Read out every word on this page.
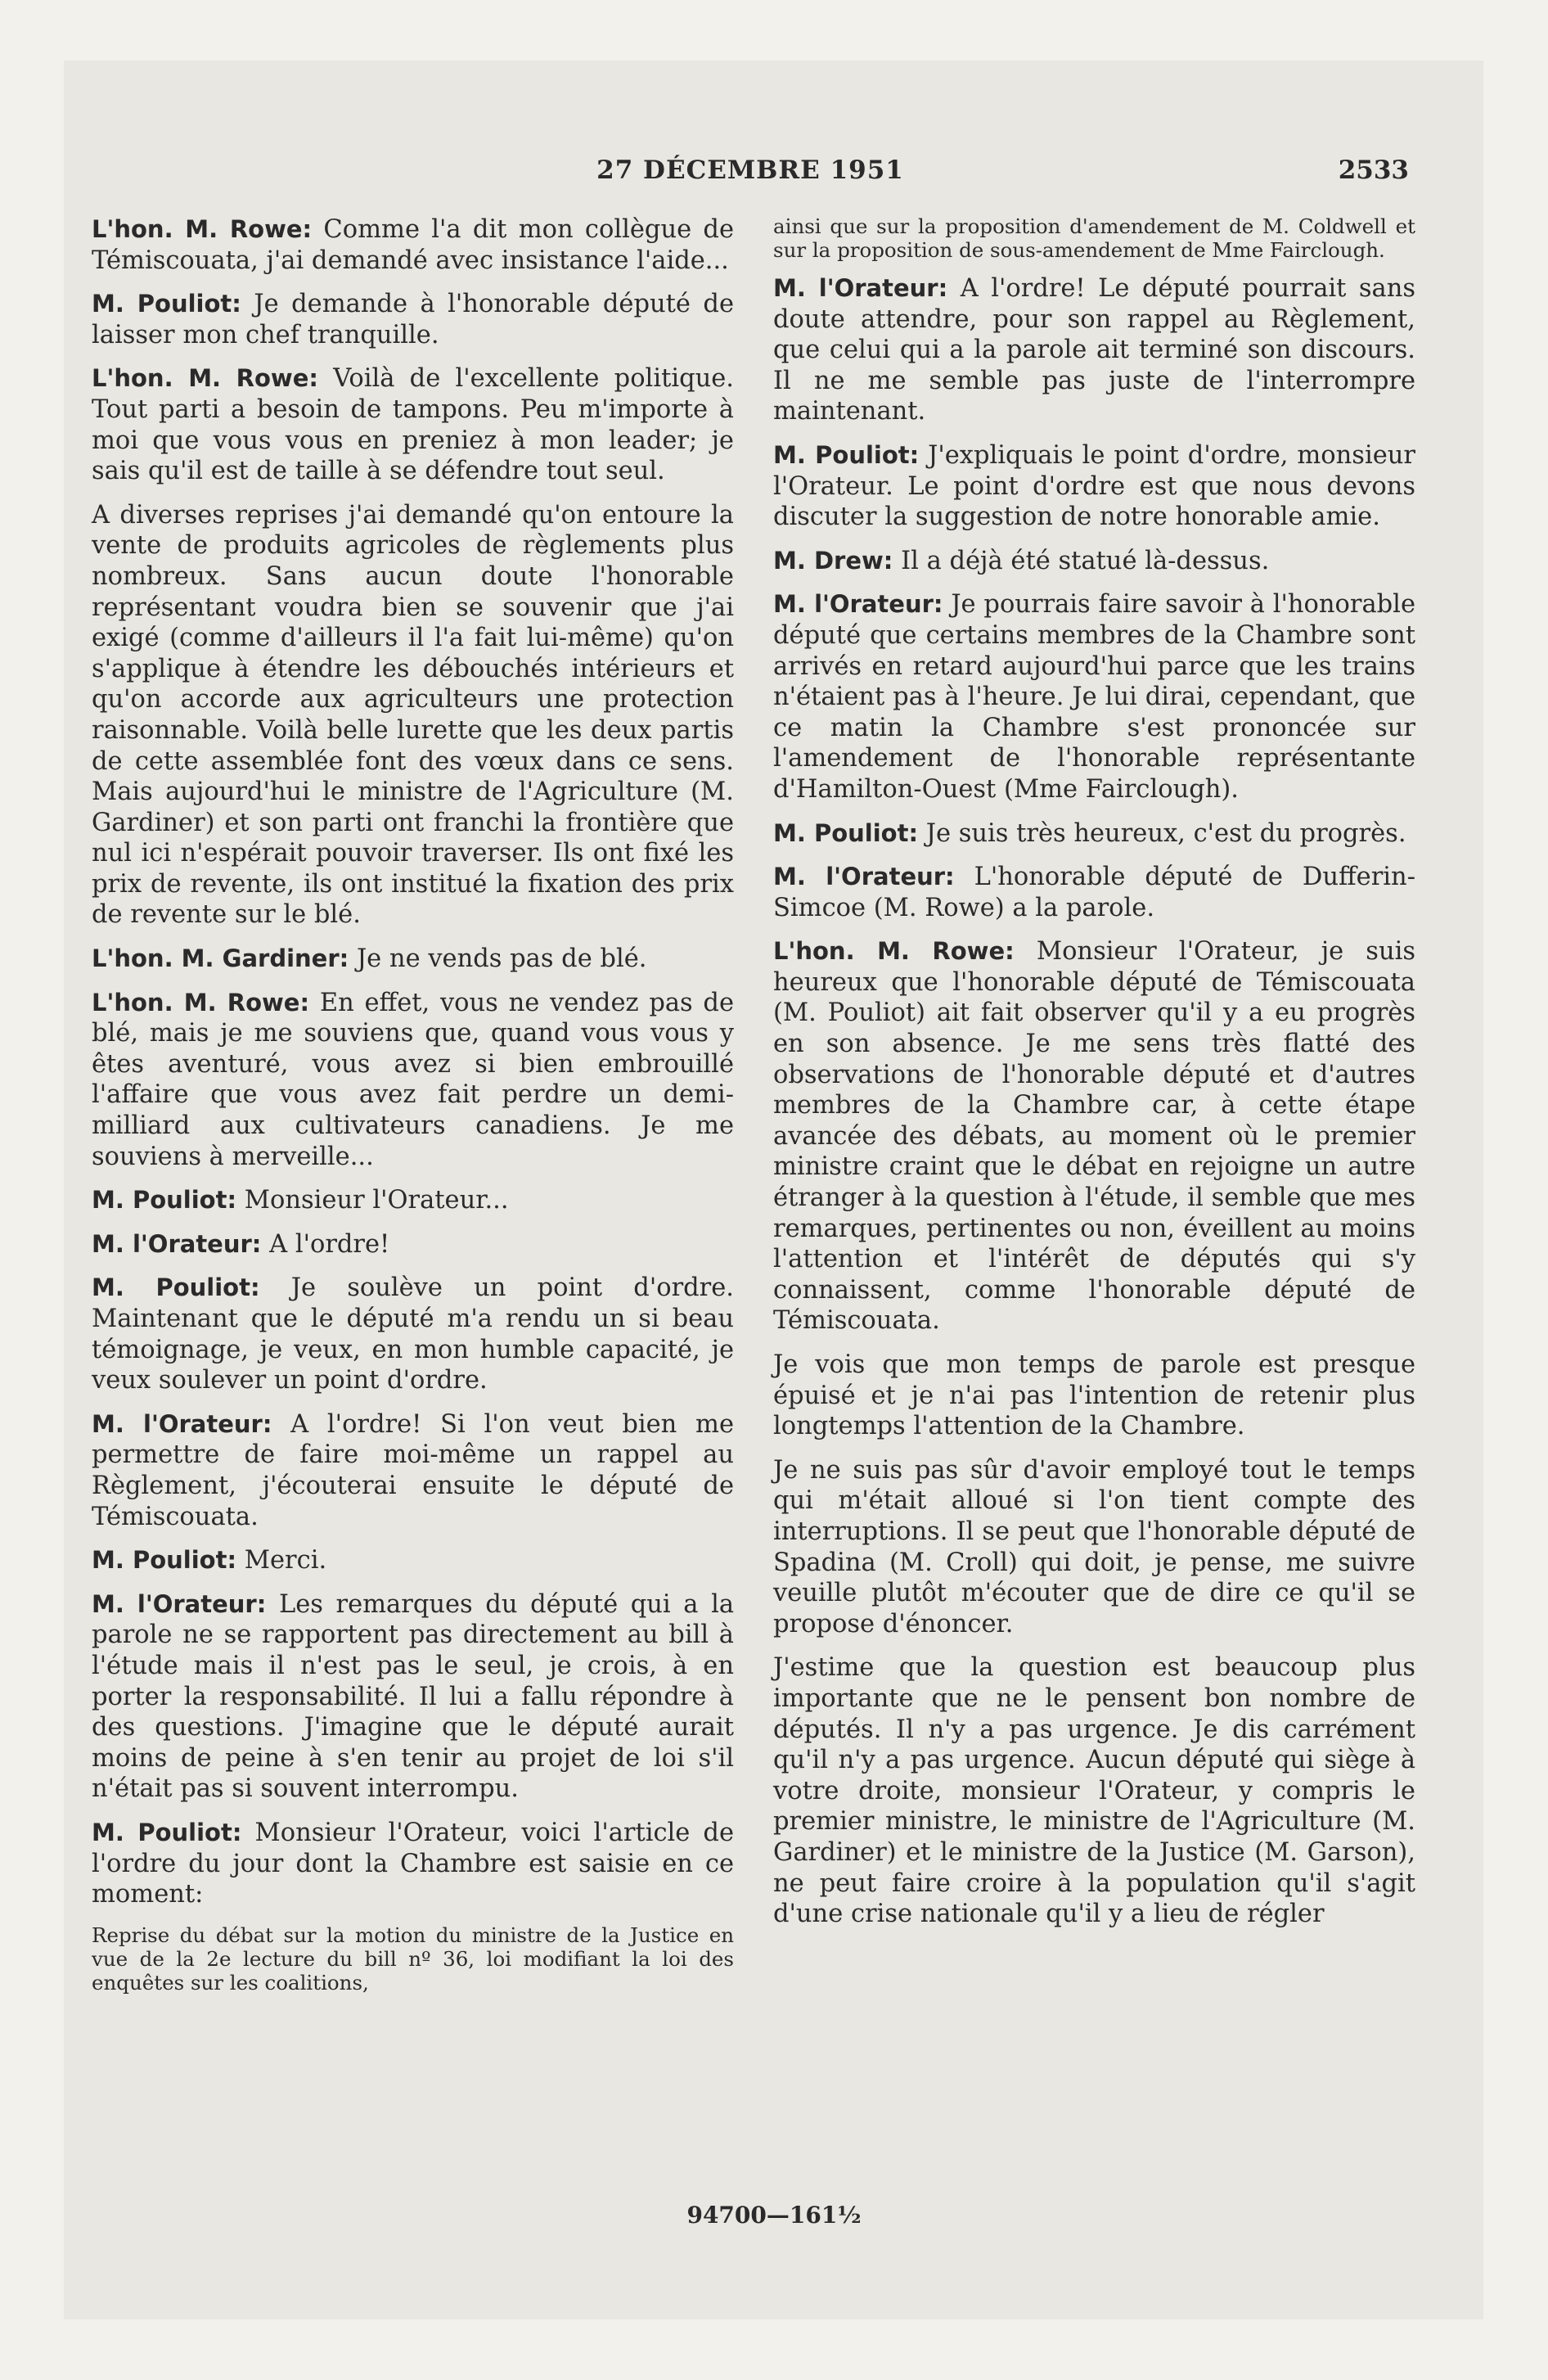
27 DÉCEMBRE 1951	2533
L'hon. M. Rowe: Comme l'a dit mon collègue de Témiscouata, j'ai demandé avec insistance l'aide...
M. Pouliot: Je demande à l'honorable député de laisser mon chef tranquille.
L'hon. M. Rowe: Voilà de l'excellente politique. Tout parti a besoin de tampons. Peu m'importe à moi que vous vous en preniez à mon leader; je sais qu'il est de taille à se défendre tout seul.
A diverses reprises j'ai demandé qu'on entoure la vente de produits agricoles de règlements plus nombreux. Sans aucun doute l'honorable représentant voudra bien se souvenir que j'ai exigé (comme d'ailleurs il l'a fait lui-même) qu'on s'applique à étendre les débouchés intérieurs et qu'on accorde aux agriculteurs une protection raisonnable. Voilà belle lurette que les deux partis de cette assemblée font des vœux dans ce sens. Mais aujourd'hui le ministre de l'Agriculture (M. Gardiner) et son parti ont franchi la frontière que nul ici n'espérait pouvoir traverser. Ils ont fixé les prix de revente, ils ont institué la fixation des prix de revente sur le blé.
L'hon. M. Gardiner: Je ne vends pas de blé.
L'hon. M. Rowe: En effet, vous ne vendez pas de blé, mais je me souviens que, quand vous vous y êtes aventuré, vous avez si bien embrouillé l'affaire que vous avez fait perdre un demi-milliard aux cultivateurs canadiens. Je me souviens à merveille...
M. Pouliot: Monsieur l'Orateur...
M. l'Orateur: A l'ordre!
M. Pouliot: Je soulève un point d'ordre. Maintenant que le député m'a rendu un si beau témoignage, je veux, en mon humble capacité, je veux soulever un point d'ordre.
M. l'Orateur: A l'ordre! Si l'on veut bien me permettre de faire moi-même un rappel au Règlement, j'écouterai ensuite le député de Témiscouata.
M. Pouliot: Merci.
M. l'Orateur: Les remarques du député qui a la parole ne se rapportent pas directement au bill à l'étude mais il n'est pas le seul, je crois, à en porter la responsabilité. Il lui a fallu répondre à des questions. J'imagine que le député aurait moins de peine à s'en tenir au projet de loi s'il n'était pas si souvent interrompu.
M. Pouliot: Monsieur l'Orateur, voici l'article de l'ordre du jour dont la Chambre est saisie en ce moment:
Reprise du débat sur la motion du ministre de la Justice en vue de la 2e lecture du bill nº 36, loi modifiant la loi des enquêtes sur les coalitions,
ainsi que sur la proposition d'amendement de M. Coldwell et sur la proposition de sous-amendement de Mme Fairclough.
M. l'Orateur: A l'ordre! Le député pourrait sans doute attendre, pour son rappel au Règlement, que celui qui a la parole ait terminé son discours. Il ne me semble pas juste de l'interrompre maintenant.
M. Pouliot: J'expliquais le point d'ordre, monsieur l'Orateur. Le point d'ordre est que nous devons discuter la suggestion de notre honorable amie.
M. Drew: Il a déjà été statué là-dessus.
M. l'Orateur: Je pourrais faire savoir à l'honorable député que certains membres de la Chambre sont arrivés en retard aujourd'hui parce que les trains n'étaient pas à l'heure. Je lui dirai, cependant, que ce matin la Chambre s'est prononcée sur l'amendement de l'honorable représentante d'Hamilton-Ouest (Mme Fairclough).
M. Pouliot: Je suis très heureux, c'est du progrès.
M. l'Orateur: L'honorable député de Dufferin-Simcoe (M. Rowe) a la parole.
L'hon. M. Rowe: Monsieur l'Orateur, je suis heureux que l'honorable député de Témiscouata (M. Pouliot) ait fait observer qu'il y a eu progrès en son absence. Je me sens très flatté des observations de l'honorable député et d'autres membres de la Chambre car, à cette étape avancée des débats, au moment où le premier ministre craint que le débat en rejoigne un autre étranger à la question à l'étude, il semble que mes remarques, pertinentes ou non, éveillent au moins l'attention et l'intérêt de députés qui s'y connaissent, comme l'honorable député de Témiscouata.
Je vois que mon temps de parole est presque épuisé et je n'ai pas l'intention de retenir plus longtemps l'attention de la Chambre.
Je ne suis pas sûr d'avoir employé tout le temps qui m'était alloué si l'on tient compte des interruptions. Il se peut que l'honorable député de Spadina (M. Croll) qui doit, je pense, me suivre veuille plutôt m'écouter que de dire ce qu'il se propose d'énoncer.
J'estime que la question est beaucoup plus importante que ne le pensent bon nombre de députés. Il n'y a pas urgence. Je dis carrément qu'il n'y a pas urgence. Aucun député qui siège à votre droite, monsieur l'Orateur, y compris le premier ministre, le ministre de l'Agriculture (M. Gardiner) et le ministre de la Justice (M. Garson), ne peut faire croire à la population qu'il s'agit d'une crise nationale qu'il y a lieu de régler
94700—161½
